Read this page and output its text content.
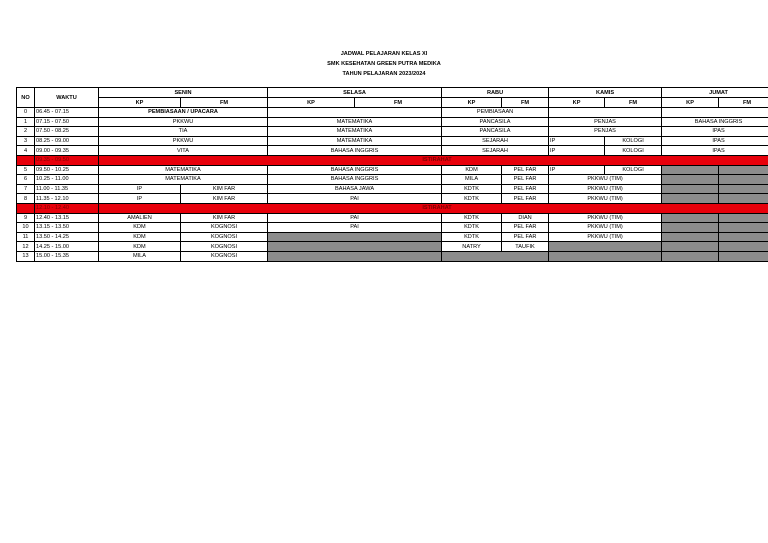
JADWAL PELAJARAN KELAS XI
SMK KESEHATAN GREEN PUTRA MEDIKA
TAHUN PELAJARAN 2023/2024
NO	WAKTU	SENIN		SELASA		RABU		KAMIS		JUMAT	
		KP	FM	KP	FM	KP	FM	KP	FM	KP	FM
0	06.45 - 07.15	PEMBIASAAN / UPACARA				PEMBIASAAN					
1	07.15 - 07.50	PKKWU		MATEMATIKA		PANCASILA		PENJAS		BAHASA INGGRIS	
2	07.50 - 08.25	TIA		MATEMATIKA		PANCASILA		PENJAS		IPAS	
3	08.25 - 09.00	PKKWU		MATEMATIKA		SEJARAH		IP	KOLOGI	IPAS	
4	09.00 - 09.35	VITA		BAHASA INGGRIS		SEJARAH		IP	KOLOGI	IPAS	
	09.35 - 09.50	ISTIRAHAT									
5	09.50 - 10.25	MATEMATIKA		BAHASA INGGRIS		KDM	PEL FAR	IP	KOLOGI		
6	10.25 - 11.00	MATEMATIKA		BAHASA INGGRIS		MILA	PEL FAR	PKKWU (TIM)			
7	11.00 - 11.35	IP	KIM FAR	BAHASA JAWA		KDTK	PEL FAR	PKKWU (TIM)			
8	11.35 - 12.10	IP	KIM FAR	PAI		KDTK	PEL FAR	PKKWU (TIM)			
	12.10 - 12.40	ISTIRAHAT									
9	12.40 - 13.15	AMALIEN	KIM FAR	PAI		KDTK	DIAN	PKKWU (TIM)			
10	13.15 - 13.50	KDM	KOGNOSI	PAI		KDTK	PEL FAR	PKKWU (TIM)			
11	13.50 - 14.25	KDM	KOGNOSI			KDTK	PEL FAR	PKKWU (TIM)			
12	14.25 - 15.00	KDM	KOGNOSI			NATRY	TAUFIK				
13	15.00 - 15.35	MILA	KOGNOSI								
